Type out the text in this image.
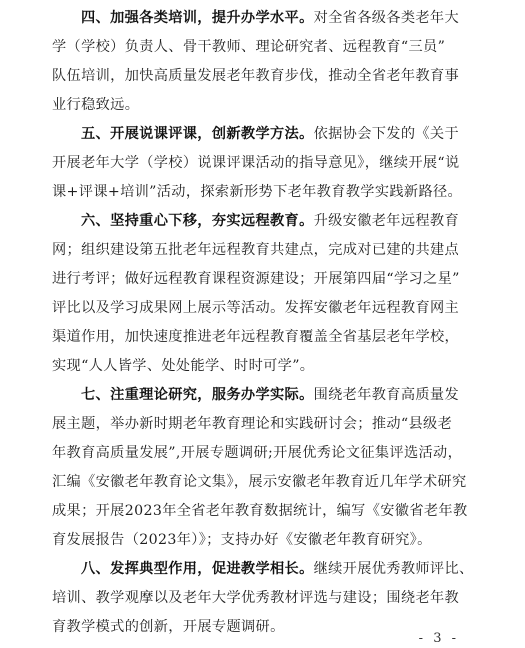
四、加强各类培训，提升办学水平。对全省各级各类老年大
学（学校）负责人、骨干教师、理论研究者、远程教育“三员”
队伍培训，加快高质量发展老年教育步伐，推动全省老年教育事
业行稳致远。
五、开展说课评课，创新教学方法。依据协会下发的《关于
开展老年大学（学校）说课评课活动的指导意见》，继续开展“说
课+评课+培训”活动，探索新形势下老年教育教学实践新路径。
六、坚持重心下移，夯实远程教育。升级安徽老年远程教育
网；组织建设第五批老年远程教育共建点，完成对已建的共建点
进行考评；做好远程教育课程资源建设；开展第四届“学习之星”
评比以及学习成果网上展示等活动。发挥安徽老年远程教育网主
渠道作用，加快速度推进老年远程教育覆盖全省基层老年学校，
实现“人人皆学、处处能学、时时可学”。
七、注重理论研究，服务办学实际。围绕老年教育高质量发
展主题，举办新时期老年教育理论和实践研讨会；推动“县级老
年教育高质量发展”,开展专题调研;开展优秀论文征集评选活动，
汇编《安徽老年教育论文集》，展示安徽老年教育近几年学术研究
成果；开展2023年全省老年教育数据统计，编写《安徽省老年教
育发展报告（2023年）》；支持办好《安徽老年教育研究》。
八、发挥典型作用，促进教学相长。继续开展优秀教师评比、
培训、教学观摩以及老年大学优秀教材评选与建设；围绕老年教
育教学模式的创新，开展专题调研。
- 3 -
